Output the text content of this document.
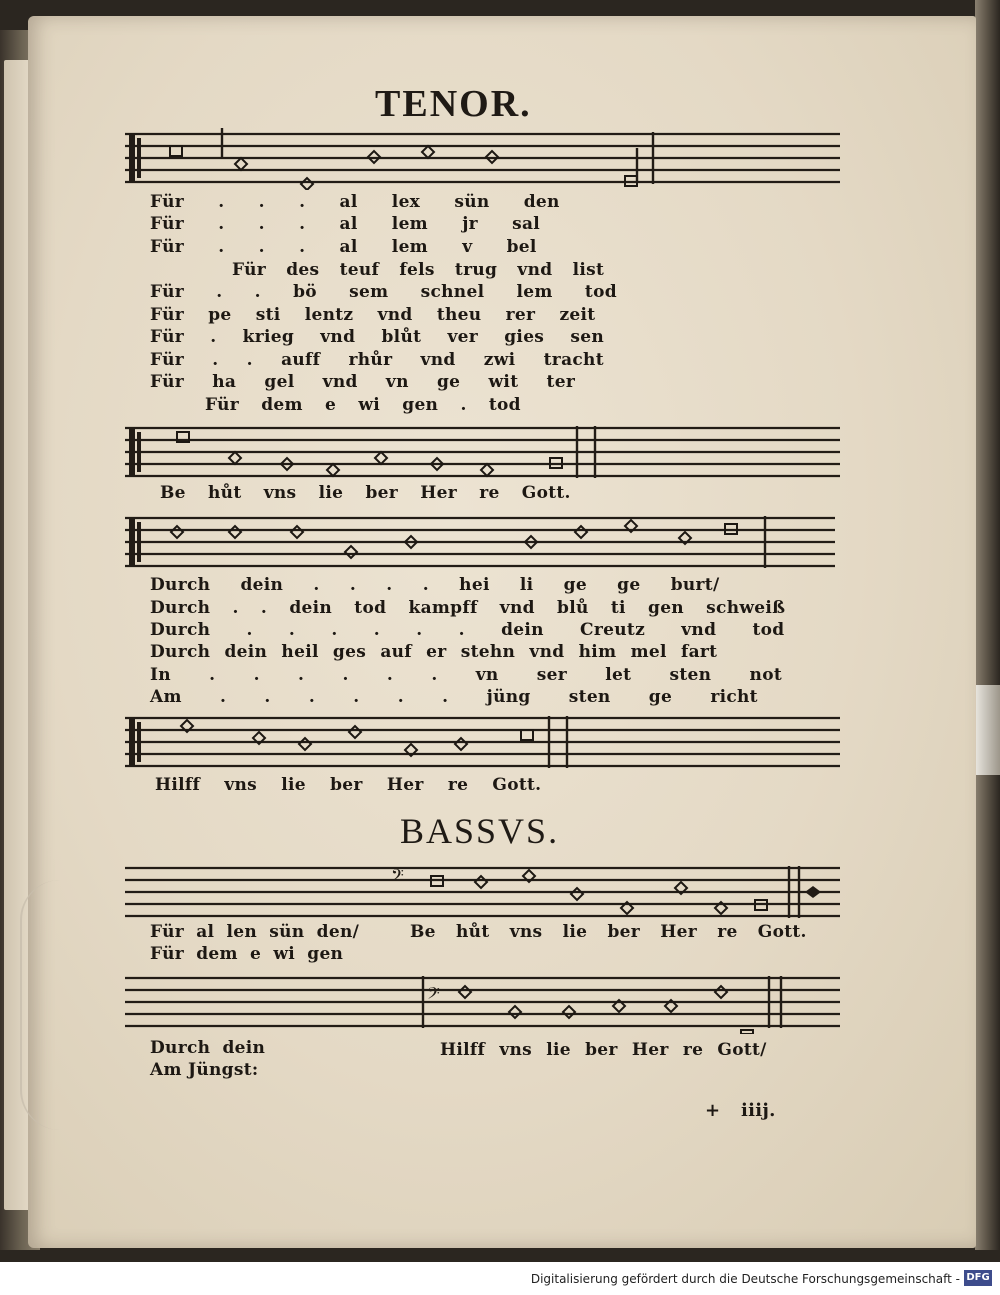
TENOR.
Für . . . al lex sün den
Für . . . al lem jr sal
Für . . . al lem v bel
Für des teuf fels trug vnd list
Für . . bö sem schnel lem tod
Für pe sti lentz vnd theu rer zeit
Für . krieg vnd blůt ver gies sen
Für . . auff rhůr vnd zwi tracht
Für ha gel vnd vn ge wit ter
Für dem e wi gen . tod
Be hůt vns lie ber Her re Gott.
Durch dein . . . . hei li ge ge burt/
Durch . . dein tod kampff vnd blů ti gen schweiß
Durch . . . . . . dein Creutz vnd tod
Durch dein heil ges auf er stehn vnd him mel fart
In . . . . . . vn ser let sten not
Am . . . . . . jüng sten ge richt
Hilff vns lie ber Her re Gott.
BASSVS.
𝄢
Für al len sün den/	Be hůt vns lie ber Her re Gott.
Für dem e wi gen
𝄢
Durch dein	Hilff vns lie ber Her re Gott/
Am Jüngst:
+ iiij.
Digitalisierung gefördert durch die Deutsche Forschungsgemeinschaft - DFG
